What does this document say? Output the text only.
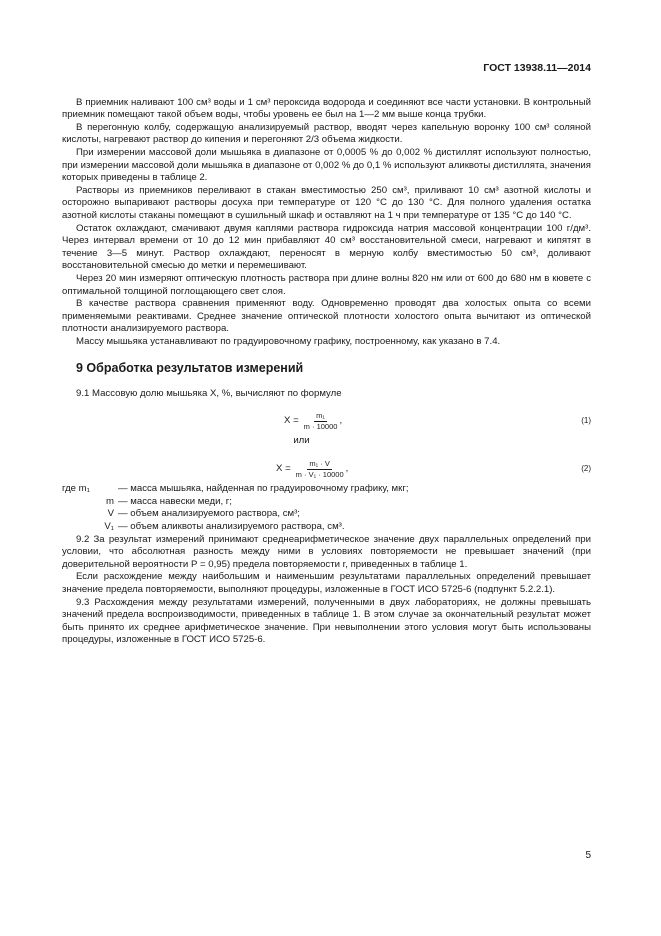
ГОСТ 13938.11—2014

В приемник наливают 100 см³ воды и 1 см³ пероксида водорода и соединяют все части установки. В контрольный приемник помещают такой объем воды, чтобы уровень ее был на 1—2 мм выше конца трубки.

В перегонную колбу, содержащую анализируемый раствор, вводят через капельную воронку 100 см³ соляной кислоты, нагревают раствор до кипения и перегоняют 2/3 объема жидкости.

При измерении массовой доли мышьяка в диапазоне от 0,0005 % до 0,002 % дистиллят используют полностью, при измерении массовой доли мышьяка в диапазоне от 0,002 % до 0,1 % используют аликвоты дистиллята, значения которых приведены в таблице 2.

Растворы из приемников переливают в стакан вместимостью 250 см³, приливают 10 см³ азотной кислоты и осторожно выпаривают растворы досуха при температуре от 120 °С до 130 °С. Для полного удаления остатка азотной кислоты стаканы помещают в сушильный шкаф и оставляют на 1 ч при температуре от 135 °С до 140 °С.

Остаток охлаждают, смачивают двумя каплями раствора гидроксида натрия массовой концентрации 100 г/дм³. Через интервал времени от 10 до 12 мин прибавляют 40 см³ восстановительной смеси, нагревают и кипятят в течение 3—5 минут. Раствор охлаждают, переносят в мерную колбу вместимостью 50 см³, доливают восстановительной смесью до метки и перемешивают.

Через 20 мин измеряют оптическую плотность раствора при длине волны 820 нм или от 600 до 680 нм в кювете с оптимальной толщиной поглощающего свет слоя.

В качестве раствора сравнения применяют воду. Одновременно проводят два холостых опыта со всеми применяемыми реактивами. Среднее значение оптической плотности холостого опыта вычитают из оптической плотности анализируемого раствора.

Массу мышьяка устанавливают по градуировочному графику, построенному, как указано в 7.4.

9 Обработка результатов измерений

9.1 Массовую долю мышьяка X, %, вычисляют по формуле

$X = \frac{\text{m₁}}{m \cdot 10000}$ ,	(1)
или
$X = \frac{\text{m₁ · V}}{\text{m · V₁ · 10000}}$ ,	(2)
где m₁	— масса мышьяка, найденная по градуировочному графику, мкг;
m — масса навески меди, г;
V — объем анализируемого раствора, см³;
V₁ — объем аликвоты анализируемого раствора, см³.

9.2 За результат измерений принимают среднеарифметическое значение двух параллельных определений при условии, что абсолютная разность между ними в условиях повторяемости не превышает значений (при доверительной вероятности Р = 0,95) предела повторяемости r, приведенных в таблице 1.

Если расхождение между наибольшим и наименьшим результатами параллельных определений превышает значение предела повторяемости, выполняют процедуры, изложенные в ГОСТ ИСО 5725-6 (подпункт 5.2.2.1).

9.3 Расхождения между результатами измерений, полученными в двух лабораториях, не должны превышать значений предела воспроизводимости, приведенных в таблице 1. В этом случае за окончательный результат может быть принято их среднее арифметическое значение. При невыполнении этого условия могут быть использованы процедуры, изложенные в ГОСТ ИСО 5725-6.

5
